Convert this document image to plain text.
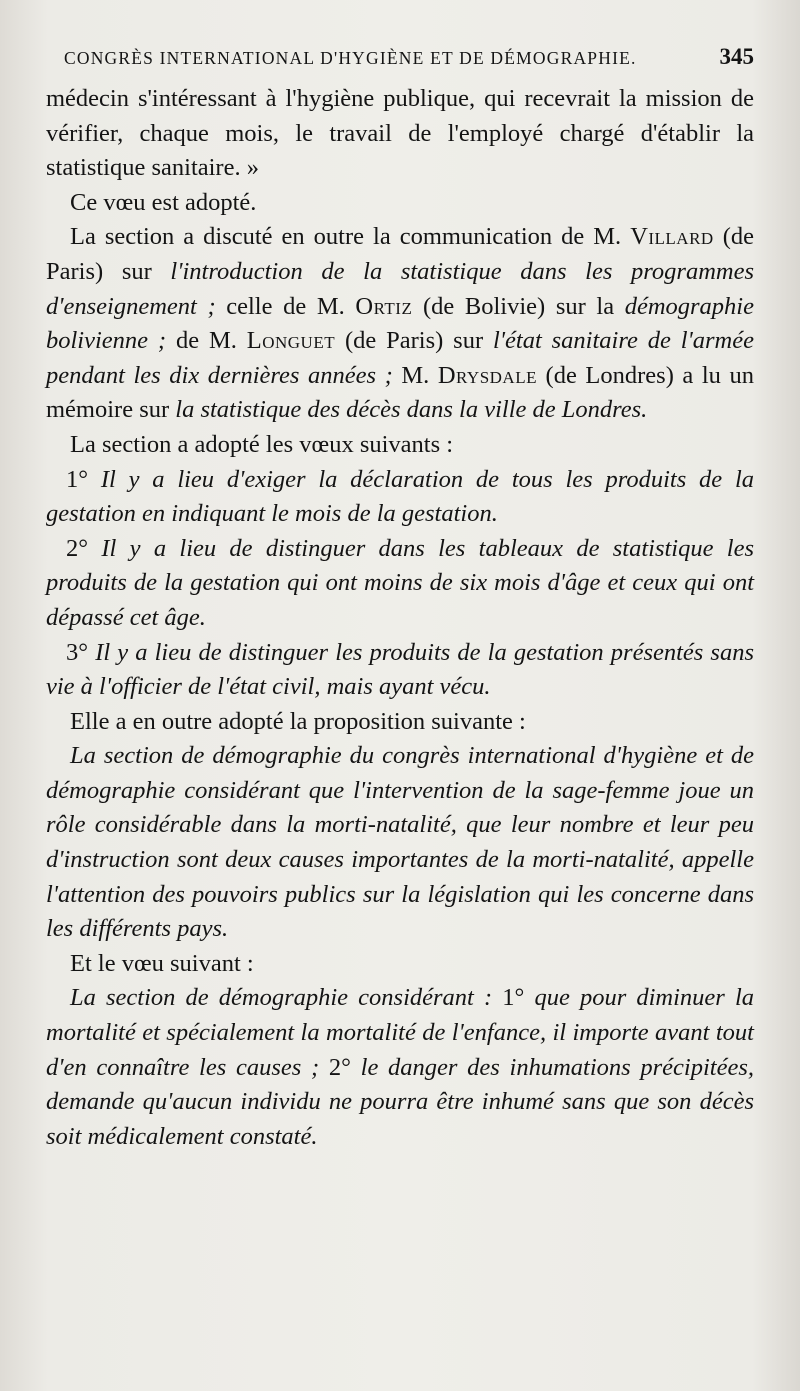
CONGRÈS INTERNATIONAL D'HYGIÈNE ET DE DÉMOGRAPHIE.	345

médecin s'intéressant à l'hygiène publique, qui recevrait la mission de vérifier, chaque mois, le travail de l'employé chargé d'établir la statistique sanitaire. »

Ce vœu est adopté.

La section a discuté en outre la communication de M. Villard (de Paris) sur l'introduction de la statistique dans les programmes d'enseignement ; celle de M. Ortiz (de Bolivie) sur la démographie bolivienne ; de M. Longuet (de Paris) sur l'état sanitaire de l'armée pendant les dix dernières années ; M. Drysdale (de Londres) a lu un mémoire sur la statistique des décès dans la ville de Londres.

La section a adopté les vœux suivants :

1° Il y a lieu d'exiger la déclaration de tous les produits de la gestation en indiquant le mois de la gestation.

2° Il y a lieu de distinguer dans les tableaux de statistique les produits de la gestation qui ont moins de six mois d'âge et ceux qui ont dépassé cet âge.

3° Il y a lieu de distinguer les produits de la gestation présentés sans vie à l'officier de l'état civil, mais ayant vécu.

Elle a en outre adopté la proposition suivante :

La section de démographie du congrès international d'hygiène et de démographie considérant que l'intervention de la sage-femme joue un rôle considérable dans la morti-natalité, que leur nombre et leur peu d'instruction sont deux causes importantes de la morti-natalité, appelle l'attention des pouvoirs publics sur la législation qui les concerne dans les différents pays.

Et le vœu suivant :

La section de démographie considérant : 1° que pour diminuer la mortalité et spécialement la mortalité de l'enfance, il importe avant tout d'en connaître les causes ; 2° le danger des inhumations précipitées, demande qu'aucun individu ne pourra être inhumé sans que son décès soit médicalement constaté.
